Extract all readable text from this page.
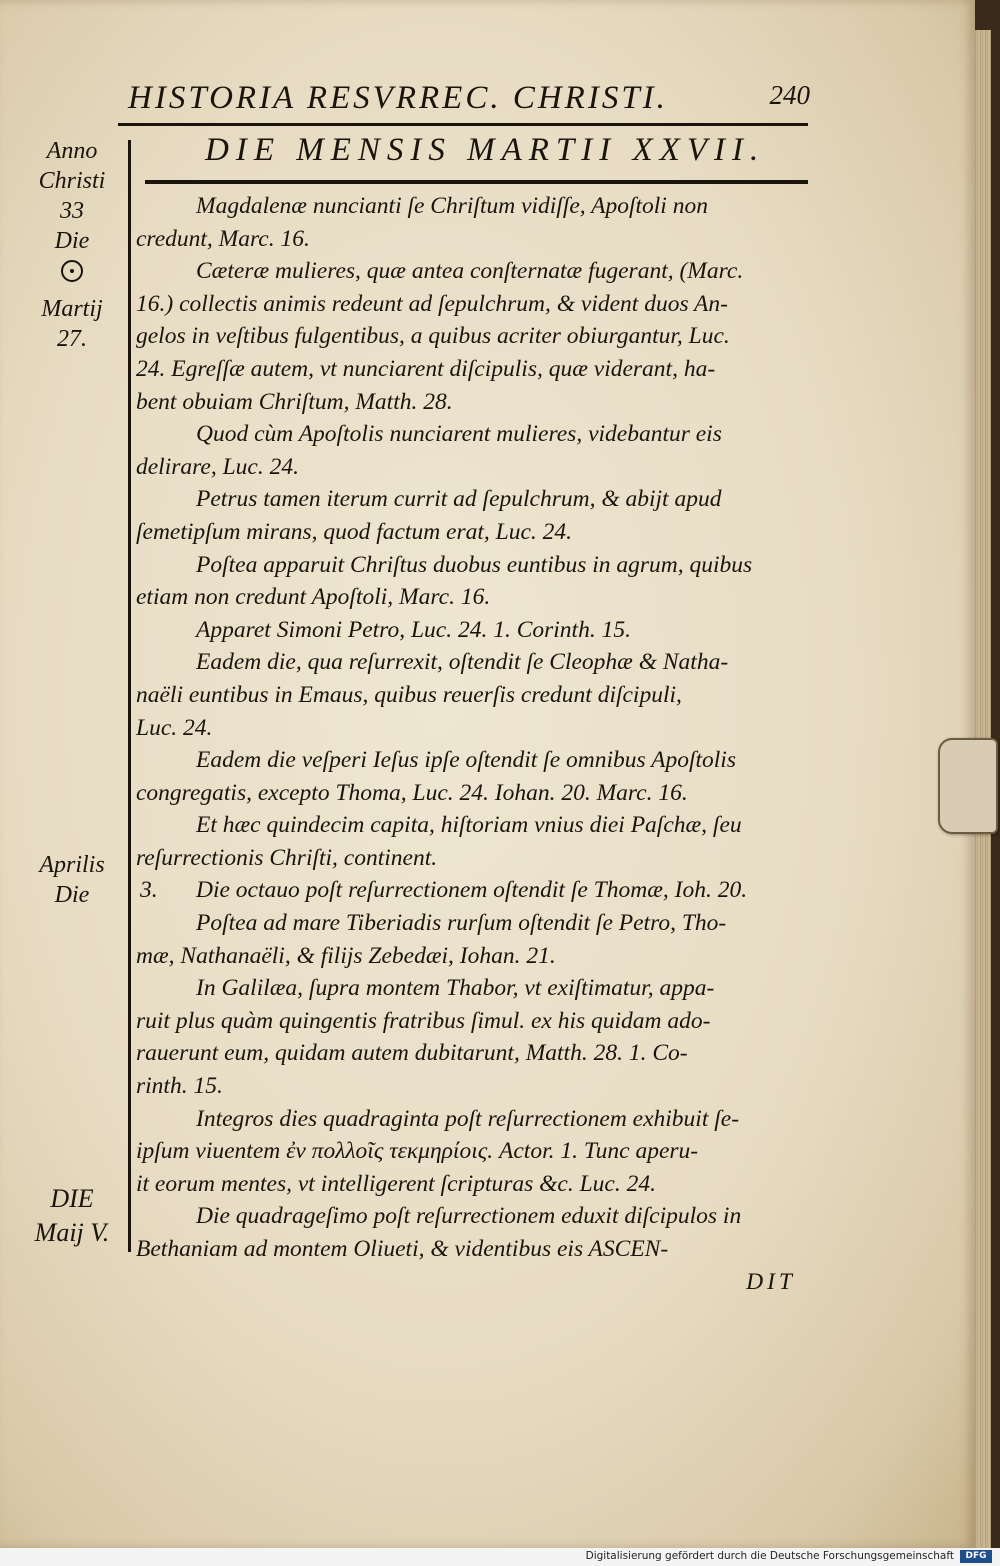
HISTORIA RESVRREC. CHRISTI.	240
DIE MENSIS MARTII XXVII.
Anno
Christi
33
Die
Martij
27.
Aprilis
Die
DIE
Maij V.
Magdalenæ nuncianti ſe Chriſtum vidiſſe, Apoſtoli non
credunt, Marc. 16.
Cæteræ mulieres, quæ antea conſternatæ fugerant, (Marc.
16.) collectis animis redeunt ad ſepulchrum, & vident duos An-
gelos in veſtibus fulgentibus, a quibus acriter obiurgantur, Luc.
24. Egreſſæ autem, vt nunciarent diſcipulis, quæ viderant, ha-
bent obuiam Chriſtum, Matth. 28.
Quod cùm Apoſtolis nunciarent mulieres, videbantur eis
delirare, Luc. 24.
Petrus tamen iterum currit ad ſepulchrum, & abijt apud
ſemetipſum mirans, quod factum erat, Luc. 24.
Poſtea apparuit Chriſtus duobus euntibus in agrum, quibus
etiam non credunt Apoſtoli, Marc. 16.
Apparet Simoni Petro, Luc. 24. 1. Corinth. 15.
Eadem die, qua reſurrexit, oſtendit ſe Cleophæ & Natha-
naëli euntibus in Emaus, quibus reuerſis credunt diſcipuli,
Luc. 24.
Eadem die veſperi Ieſus ipſe oſtendit ſe omnibus Apoſtolis
congregatis, excepto Thoma, Luc. 24. Iohan. 20. Marc. 16.
Et hæc quindecim capita, hiſtoriam vnius diei Paſchæ, ſeu
reſurrectionis Chriſti, continent.
3. Die octauo poſt reſurrectionem oſtendit ſe Thomæ, Ioh. 20.
Poſtea ad mare Tiberiadis rurſum oſtendit ſe Petro, Tho-
mæ, Nathanaëli, & filijs Zebedæi, Iohan. 21.
In Galilæa, ſupra montem Thabor, vt exiſtimatur, appa-
ruit plus quàm quingentis fratribus ſimul. ex his quidam ado-
rauerunt eum, quidam autem dubitarunt, Matth. 28. 1. Co-
rinth. 15.
Integros dies quadraginta poſt reſurrectionem exhibuit ſe-
ipſum viuentem ἐν πολλοῖς τεκμηρίοις. Actor. 1. Tunc aperu-
it eorum mentes, vt intelligerent ſcripturas &c. Luc. 24.
Die quadrageſimo poſt reſurrectionem eduxit diſcipulos in
Bethaniam ad montem Oliueti, & videntibus eis ASCEN-
DIT
Digitalisierung gefördert durch die Deutsche Forschungsgemeinschaft	DFG
